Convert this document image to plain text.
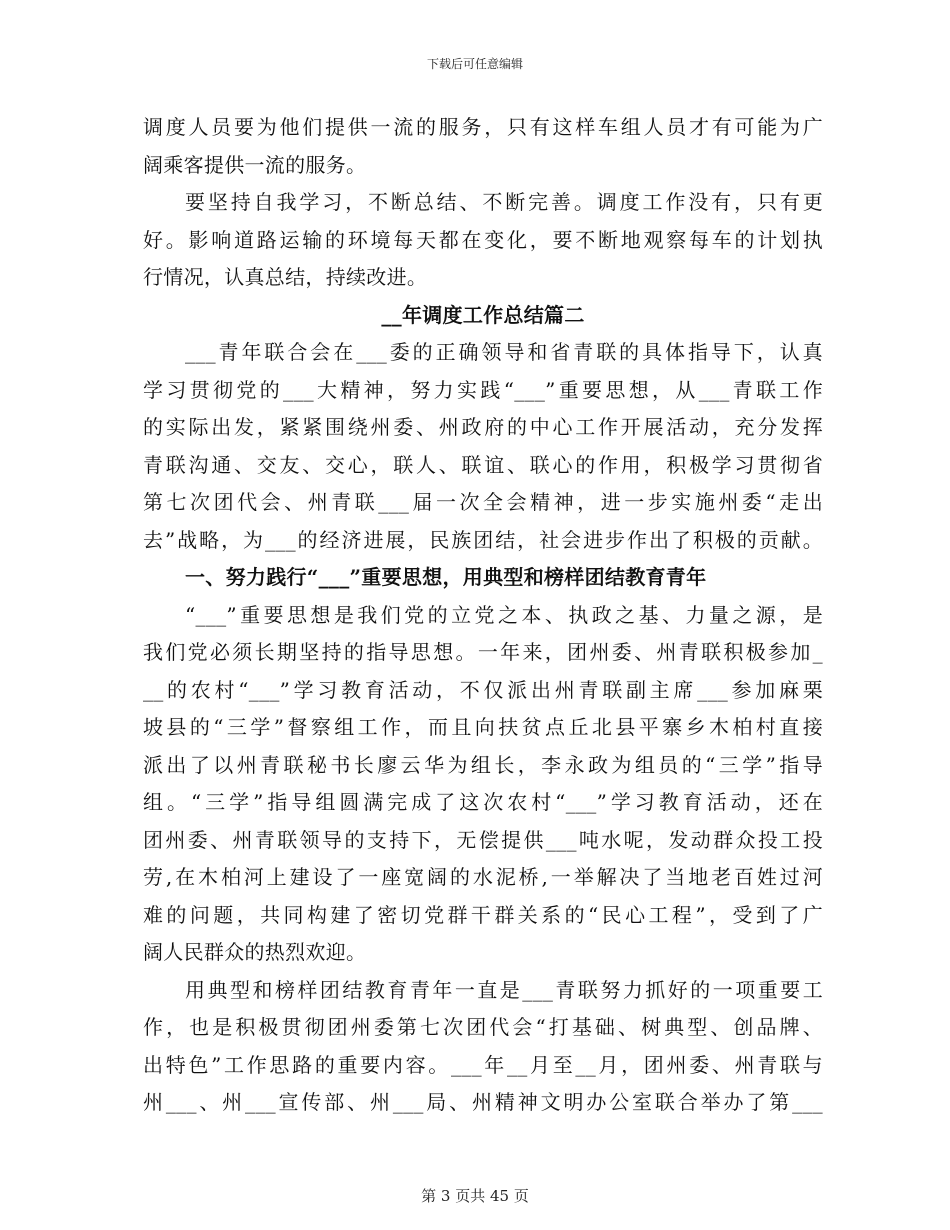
下载后可任意编辑
调度人员要为他们提供一流的服务，只有这样车组人员才有可能为广
阔乘客提供一流的服务。
要坚持自我学习，不断总结、不断完善。调度工作没有，只有更
好。影响道路运输的环境每天都在变化，要不断地观察每车的计划执
行情况，认真总结，持续改进。
__年调度工作总结篇二
___青年联合会在___委的正确领导和省青联的具体指导下，认真
学习贯彻党的___大精神，努力实践“___”重要思想，从___青联工作
的实际出发，紧紧围绕州委、州政府的中心工作开展活动，充分发挥
青联沟通、交友、交心，联人、联谊、联心的作用，积极学习贯彻省
第七次团代会、州青联___届一次全会精神，进一步实施州委“走出
去”战略，为___的经济进展，民族团结，社会进步作出了积极的贡献。
一、努力践行“___”重要思想，用典型和榜样团结教育青年
“___”重要思想是我们党的立党之本、执政之基、力量之源，是
我们党必须长期坚持的指导思想。一年来，团州委、州青联积极参加_
__的农村“___”学习教育活动，不仅派出州青联副主席___参加麻栗
坡县的“三学”督察组工作，而且向扶贫点丘北县平寨乡木柏村直接
派出了以州青联秘书长廖云华为组长，李永政为组员的“三学”指导
组。“三学”指导组圆满完成了这次农村“___”学习教育活动，还在
团州委、州青联领导的支持下，无偿提供___吨水呢，发动群众投工投
劳,在木柏河上建设了一座宽阔的水泥桥,一举解决了当地老百姓过河
难的问题，共同构建了密切党群干群关系的“民心工程”，受到了广
阔人民群众的热烈欢迎。
用典型和榜样团结教育青年一直是___青联努力抓好的一项重要工
作，也是积极贯彻团州委第七次团代会“打基础、树典型、创品牌、
出特色”工作思路的重要内容。___年__月至__月，团州委、州青联与
州___、州___宣传部、州___局、州精神文明办公室联合举办了第___
第 3 页共 45 页
